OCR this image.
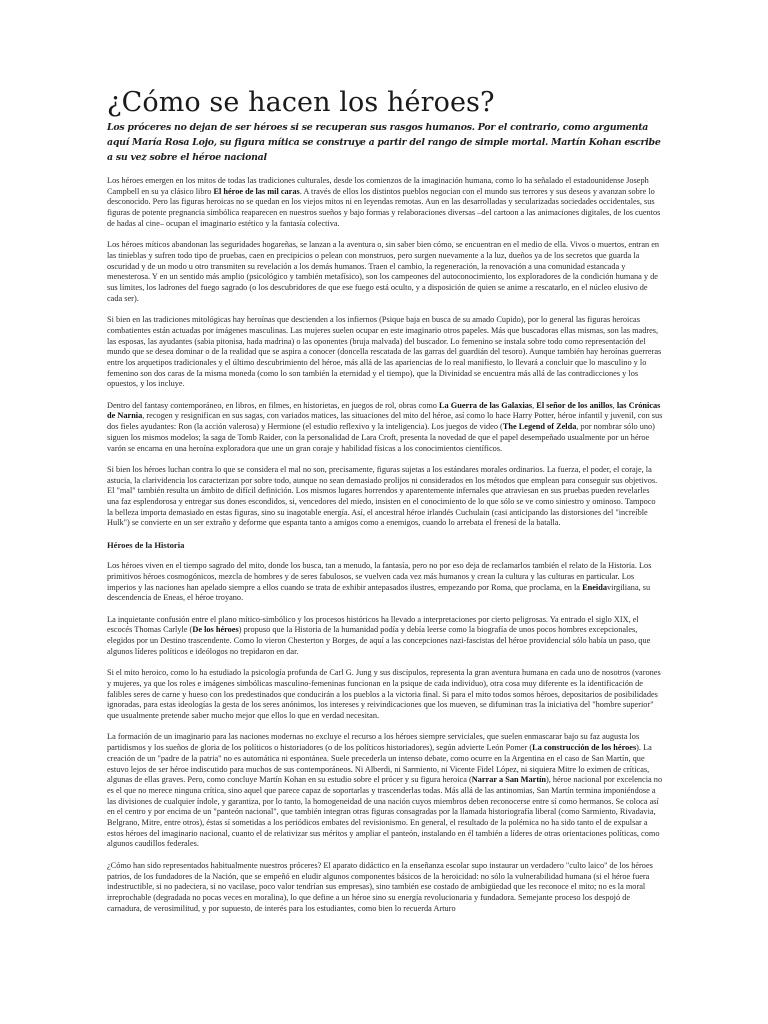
¿Cómo se hacen los héroes?

Los próceres no dejan de ser héroes si se recuperan sus rasgos humanos. Por el contrario, como argumenta aquí María Rosa Lojo, su figura mítica se construye a partir del rango de simple mortal. Martín Kohan escribe a su vez sobre el héroe nacional

Los héroes emergen en los mitos de todas las tradiciones culturales, desde los comienzos de la imaginación humana, como lo ha señalado el estadounidense Joseph Campbell en su ya clásico libro El héroe de las mil caras. A través de ellos los distintos pueblos negocian con el mundo sus terrores y sus deseos y avanzan sobre lo desconocido. Pero las figuras heroicas no se quedan en los viejos mitos ni en leyendas remotas. Aun en las desarrolladas y secularizadas sociedades occidentales, sus figuras de potente pregnancia simbólica reaparecen en nuestros sueños y bajo formas y relaboraciones diversas –del cartoon a las animaciones digitales, de los cuentos de hadas al cine– ocupan el imaginario estético y la fantasía colectiva.

Los héroes míticos abandonan las seguridades hogareñas, se lanzan a la aventura o, sin saber bien cómo, se encuentran en el medio de ella. Vivos o muertos, entran en las tinieblas y sufren todo tipo de pruebas, caen en precipicios o pelean con monstruos, pero surgen nuevamente a la luz, dueños ya de los secretos que guarda la oscuridad y de un modo u otro transmiten su revelación a los demás humanos. Traen el cambio, la regeneración, la renovación a una comunidad estancada y menesterosa. Y en un sentido más amplio (psicológico y también metafísico), son los campeones del autoconocimiento, los exploradores de la condición humana y de sus límites, los ladrones del fuego sagrado (o los descubridores de que ese fuego está oculto, y a disposición de quien se anime a rescatarlo, en el núcleo elusivo de cada ser).

Si bien en las tradiciones mitológicas hay heroínas que descienden a los infiernos (Psique baja en busca de su amado Cupido), por lo general las figuras heroicas combatientes están actuadas por imágenes masculinas. Las mujeres suelen ocupar en este imaginario otros papeles. Más que buscadoras ellas mismas, son las madres, las esposas, las ayudantes (sabia pitonisa, hada madrina) o las oponentes (bruja malvada) del buscador. Lo femenino se instala sobre todo como representación del mundo que se desea dominar o de la realidad que se aspira a conocer (doncella rescatada de las garras del guardián del tesoro). Aunque también hay heroínas guerreras entre los arquetipos tradicionales y el último descubrimiento del héroe, más allá de las apariencias de lo real manifiesto, lo llevará a concluir que lo masculino y lo femenino son dos caras de la misma moneda (como lo son también la eternidad y el tiempo), que la Divinidad se encuentra más allá de las contradicciones y los opuestos, y los incluye.

Dentro del fantasy contemporáneo, en libros, en filmes, en historietas, en juegos de rol, obras como La Guerra de las Galaxias, El señor de los anillos, las Crónicas de Narnia, recogen y resignifican en sus sagas, con variados matices, las situaciones del mito del héroe, así como lo hace Harry Potter, héroe infantil y juvenil, con sus dos fieles ayudantes: Ron (la acción valerosa) y Hermione (el estudio reflexivo y la inteligencia). Los juegos de video (The Legend of Zelda, por nombrar sólo uno) siguen los mismos modelos; la saga de Tomb Raider, con la personalidad de Lara Croft, presenta la novedad de que el papel desempeñado usualmente por un héroe varón se encarna en una heroína exploradora que une un gran coraje y habilidad físicas a los conocimientos científicos.

Si bien los héroes luchan contra lo que se considera el mal no son, precisamente, figuras sujetas a los estándares morales ordinarios. La fuerza, el poder, el coraje, la astucia, la clarividencia los caracterizan por sobre todo, aunque no sean demasiado prolijos ni considerados en los métodos que emplean para conseguir sus objetivos. El "mal" también resulta un ámbito de difícil definición. Los mismos lugares horrendos y aparentemente infernales que atraviesan en sus pruebas pueden revelarles una faz esplendorosa y entregar sus dones escondidos, si, vencedores del miedo, insisten en el conocimiento de lo que sólo se ve como siniestro y ominoso. Tampoco la belleza importa demasiado en estas figuras, sino su inagotable energía. Así, el ancestral héroe irlandés Cuchulain (casi anticipando las distorsiones del "increíble Hulk") se convierte en un ser extraño y deforme que espanta tanto a amigos como a enemigos, cuando lo arrebata el frenesí de la batalla.

Héroes de la Historia

Los héroes viven en el tiempo sagrado del mito, donde los busca, tan a menudo, la fantasía, pero no por eso deja de reclamarlos también el relato de la Historia. Los primitivos héroes cosmogónicos, mezcla de hombres y de seres fabulosos, se vuelven cada vez más humanos y crean la cultura y las culturas en particular. Los imperios y las naciones han apelado siempre a ellos cuando se trata de exhibir antepasados ilustres, empezando por Roma, que proclama, en la Eneidavirgiliana, su descendencia de Eneas, el héroe troyano.

La inquietante confusión entre el plano mítico-simbólico y los procesos históricos ha llevado a interpretaciones por cierto peligrosas. Ya entrado el siglo XIX, el escocés Thomas Carlyle (De los héroes) propuso que la Historia de la humanidad podía y debía leerse como la biografía de unos pocos hombres excepcionales, elegidos por un Destino trascendente. Como lo vieron Chesterton y Borges, de aquí a las concepciones nazi-fascistas del héroe providencial sólo había un paso, que algunos líderes políticos e ideólogos no trepidaron en dar.

Si el mito heroico, como lo ha estudiado la psicología profunda de Carl G. Jung y sus discípulos, representa la gran aventura humana en cada uno de nosotros (varones y mujeres, ya que los roles e imágenes simbólicas masculino-femeninas funcionan en la psique de cada individuo), otra cosa muy diferente es la identificación de falibles seres de carne y hueso con los predestinados que conducirán a los pueblos a la victoria final. Si para el mito todos somos héroes, depositarios de posibilidades ignoradas, para estas ideologías la gesta de los seres anónimos, los intereses y reivindicaciones que los mueven, se difuminan tras la iniciativa del "hombre superior" que usualmente pretende saber mucho mejor que ellos lo que en verdad necesitan.

La formación de un imaginario para las naciones modernas no excluye el recurso a los héroes siempre serviciales, que suelen enmascarar bajo su faz augusta los partidismos y los sueños de gloria de los políticos o historiadores (o de los políticos historiadores), según advierte León Pomer (La construcción de los héroes). La creación de un "padre de la patria" no es automática ni espontánea. Suele precederla un intenso debate, como ocurre en la Argentina en el caso de San Martín, que estuvo lejos de ser héroe indiscutido para muchos de sus contemporáneos. Ni Alberdi, ni Sarmiento, ni Vicente Fidel López, ni siquiera Mitre lo eximen de críticas, algunas de ellas graves. Pero, como concluye Martín Kohan en su estudio sobre el prócer y su figura heroica (Narrar a San Martín), héroe nacional por excelencia no es el que no merece ninguna crítica, sino aquel que parece capaz de soportarlas y trascenderlas todas. Más allá de las antinomias, San Martín termina imponiéndose a las divisiones de cualquier índole, y garantiza, por lo tanto, la homogeneidad de una nación cuyos miembros deben reconocerse entre sí como hermanos. Se coloca así en el centro y por encima de un "panteón nacional", que también integran otras figuras consagradas por la llamada historiografía liberal (como Sarmiento, Rivadavia, Belgrano, Mitre, entre otros), éstas sí sometidas a los periódicos embates del revisionismo. En general, el resultado de la polémica no ha sido tanto el de expulsar a estos héroes del imaginario nacional, cuanto el de relativizar sus méritos y ampliar el panteón, instalando en él también a líderes de otras orientaciones políticas, como algunos caudillos federales.

¿Cómo han sido representados habitualmente nuestros próceres? El aparato didáctico en la enseñanza escolar supo instaurar un verdadero "culto laico" de los héroes patrios, de los fundadores de la Nación, que se empeñó en eludir algunos componentes básicos de la heroicidad: no sólo la vulnerabilidad humana (si el héroe fuera indestructible, si no padeciera, si no vacilase, poco valor tendrían sus empresas), sino también ese costado de ambigüedad que les reconoce el mito; no es la moral irreprochable (degradada no pocas veces en moralina), lo que define a un héroe sino su energía revolucionaria y fundadora. Semejante proceso los despojó de carnadura, de verosimilitud, y por supuesto, de interés para los estudiantes, como bien lo recuerda Arturo
